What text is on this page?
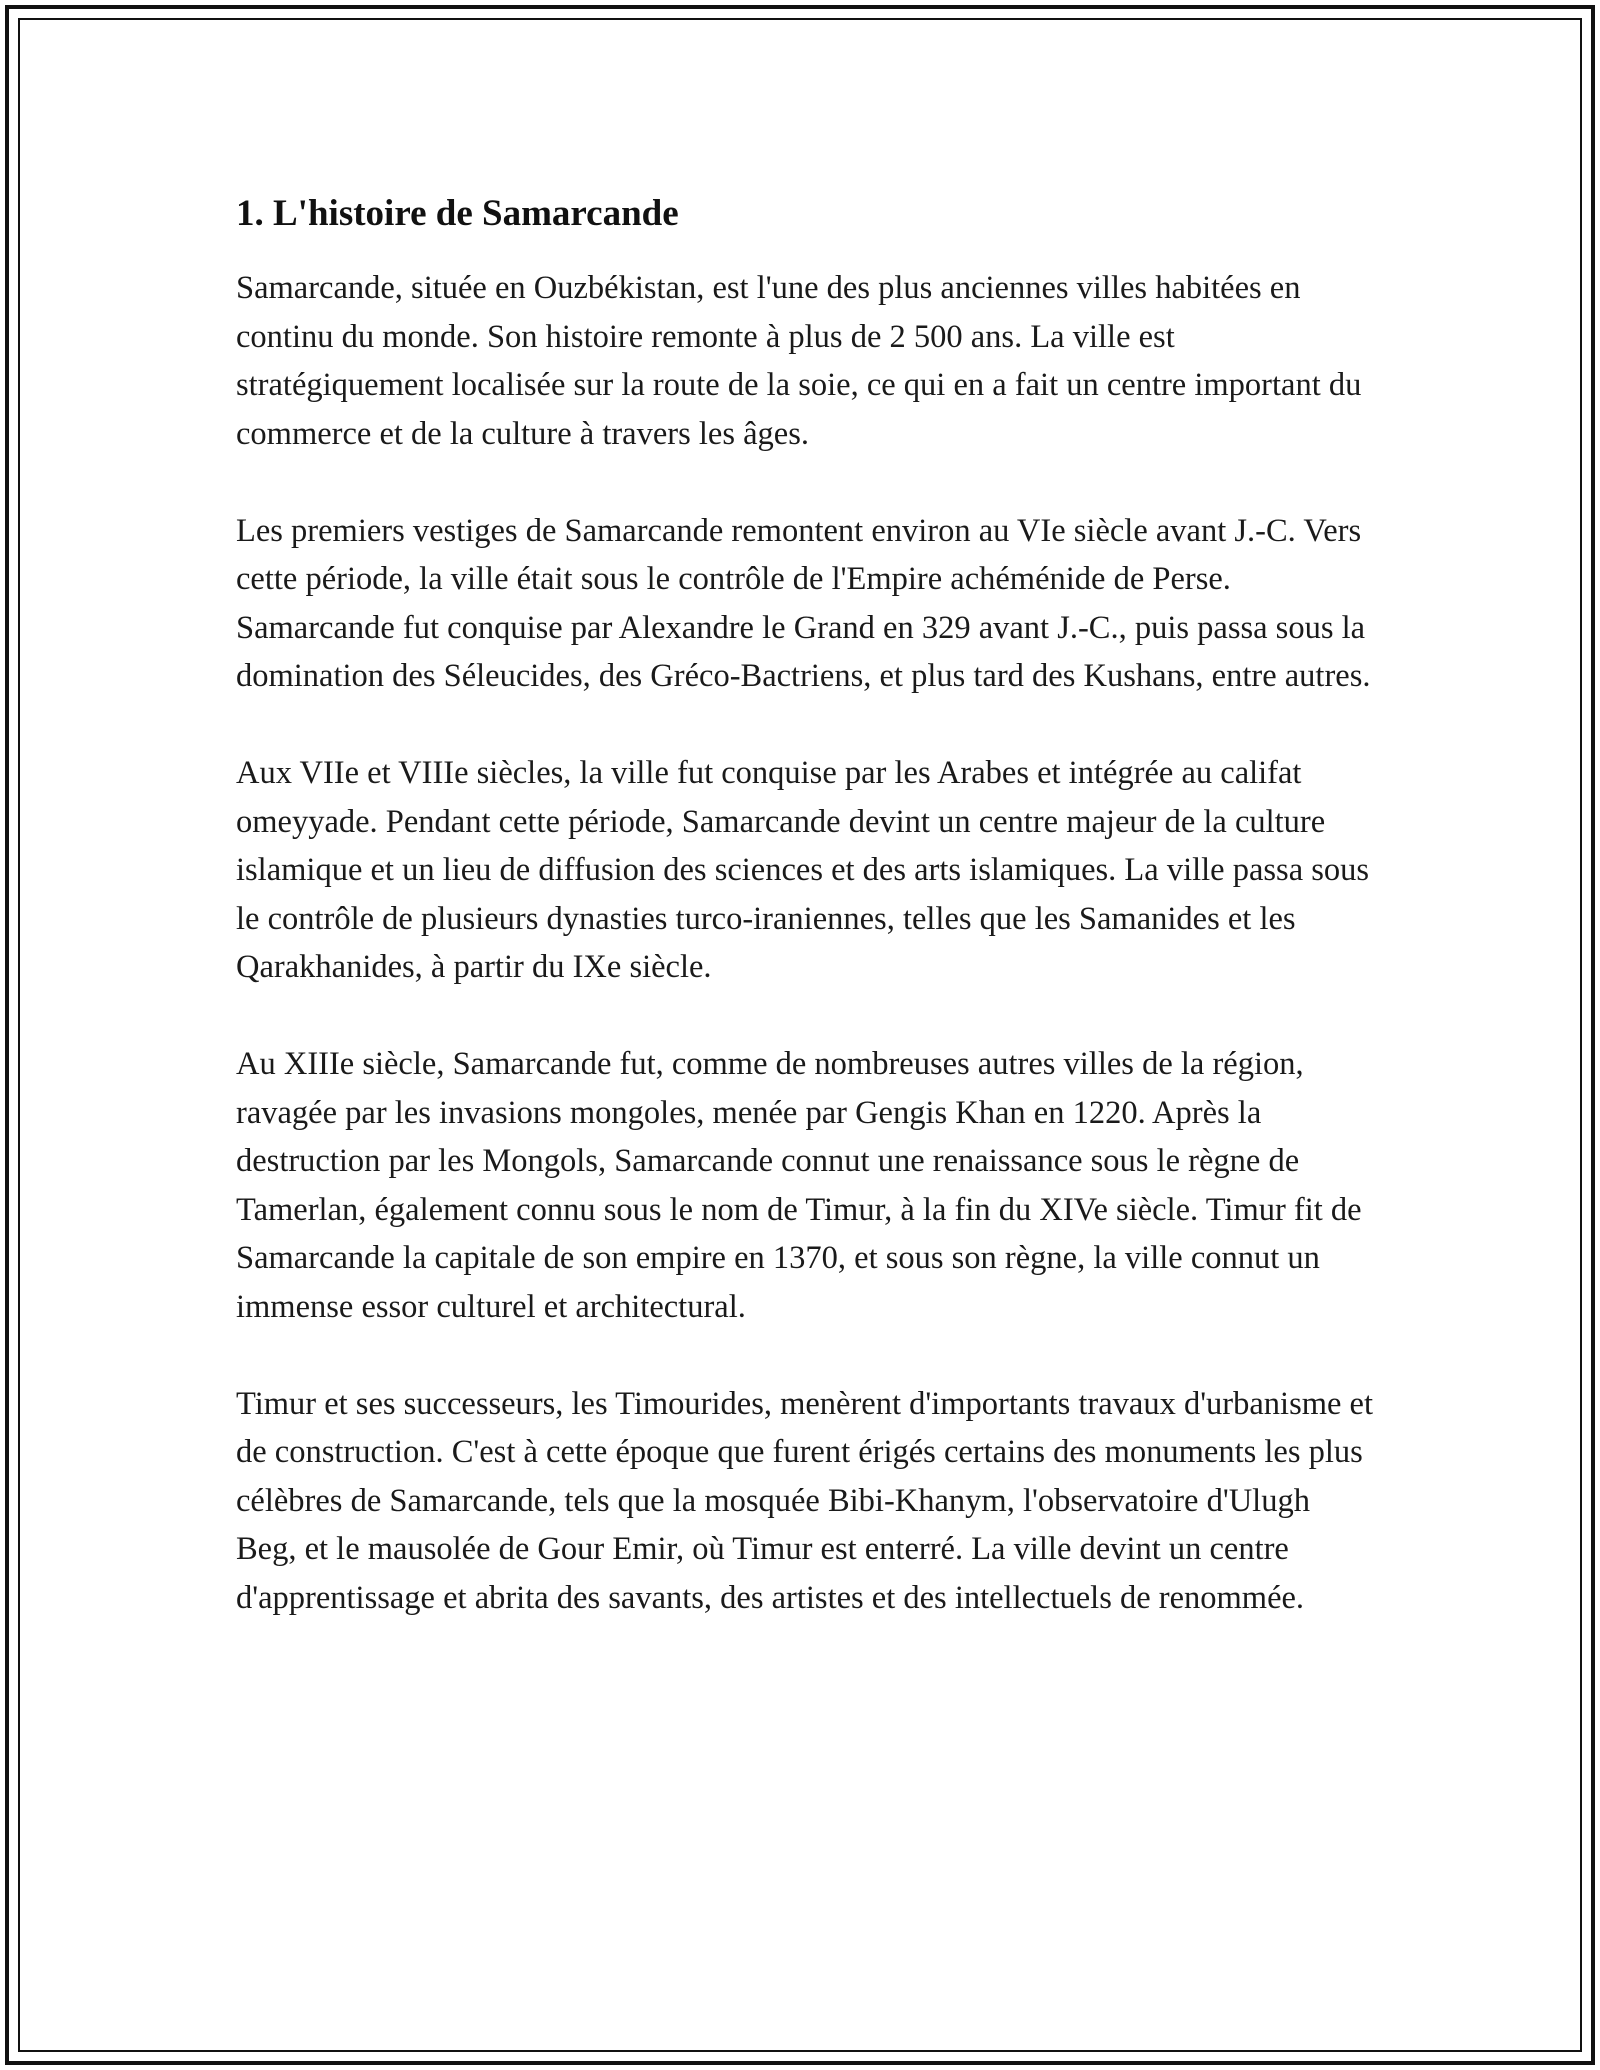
1. L'histoire de Samarcande

Samarcande, située en Ouzbékistan, est l'une des plus anciennes villes habitées en continu du monde. Son histoire remonte à plus de 2 500 ans. La ville est stratégiquement localisée sur la route de la soie, ce qui en a fait un centre important du commerce et de la culture à travers les âges.

Les premiers vestiges de Samarcande remontent environ au VIe siècle avant J.-C. Vers cette période, la ville était sous le contrôle de l'Empire achéménide de Perse. Samarcande fut conquise par Alexandre le Grand en 329 avant J.-C., puis passa sous la domination des Séleucides, des Gréco-Bactriens, et plus tard des Kushans, entre autres.

Aux VIIe et VIIIe siècles, la ville fut conquise par les Arabes et intégrée au califat omeyyade. Pendant cette période, Samarcande devint un centre majeur de la culture islamique et un lieu de diffusion des sciences et des arts islamiques. La ville passa sous le contrôle de plusieurs dynasties turco-iraniennes, telles que les Samanides et les Qarakhanides, à partir du IXe siècle.

Au XIIIe siècle, Samarcande fut, comme de nombreuses autres villes de la région, ravagée par les invasions mongoles, menée par Gengis Khan en 1220. Après la destruction par les Mongols, Samarcande connut une renaissance sous le règne de Tamerlan, également connu sous le nom de Timur, à la fin du XIVe siècle. Timur fit de Samarcande la capitale de son empire en 1370, et sous son règne, la ville connut un immense essor culturel et architectural.

Timur et ses successeurs, les Timourides, menèrent d'importants travaux d'urbanisme et de construction. C'est à cette époque que furent érigés certains des monuments les plus célèbres de Samarcande, tels que la mosquée Bibi-Khanym, l'observatoire d'Ulugh Beg, et le mausolée de Gour Emir, où Timur est enterré. La ville devint un centre d'apprentissage et abrita des savants, des artistes et des intellectuels de renommée.
